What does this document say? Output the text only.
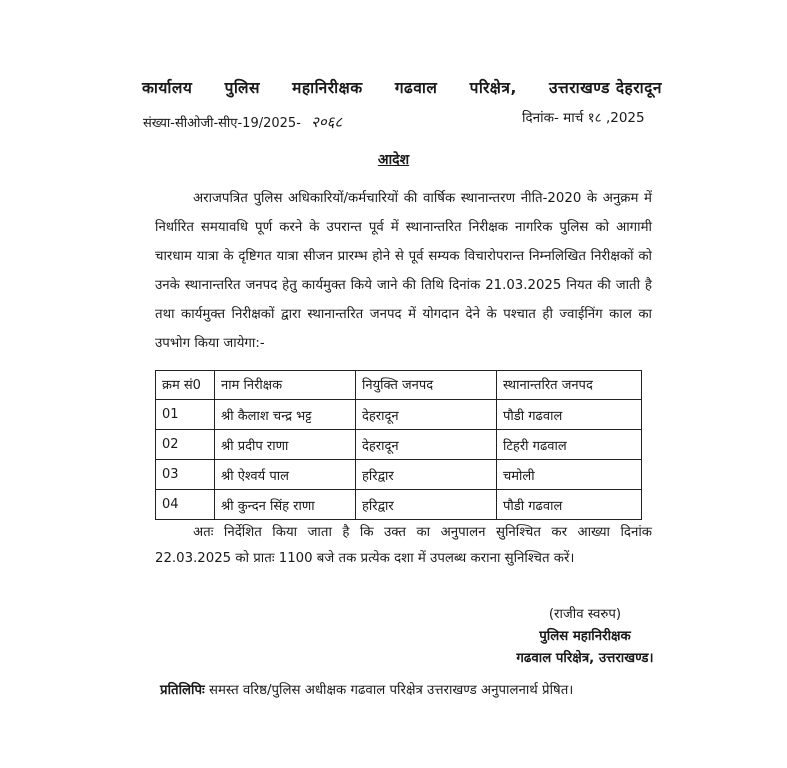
कार्यालय पुलिस महानिरीक्षक गढवाल परिक्षेत्र, उत्तराखण्ड देहरादून
संख्या-सीओजी-सीए-19/2025- २०६८	दिनांक- मार्च १८ ,2025
आदेश
अराजपत्रित पुलिस अधिकारियों/कर्मचारियों की वार्षिक स्थानान्तरण नीति-2020 के अनुक्रम में निर्धारित समयावधि पूर्ण करने के उपरान्त पूर्व में स्थानान्तरित निरीक्षक नागरिक पुलिस को आगामी चारधाम यात्रा के दृष्टिगत यात्रा सीजन प्रारम्भ होने से पूर्व सम्यक विचारोपरान्त निम्नलिखित निरीक्षकों को उनके स्थानान्तरित जनपद हेतु कार्यमुक्त किये जाने की तिथि दिनांक 21.03.2025 नियत की जाती है तथा कार्यमुक्त निरीक्षकों द्वारा स्थानान्तरित जनपद में योगदान देने के पश्चात ही ज्वाईनिंग काल का उपभोग किया जायेगा:-
क्रम सं0	नाम निरीक्षक	नियुक्ति जनपद	स्थानान्तरित जनपद
01	श्री कैलाश चन्द्र भट्ट	देहरादून	पौडी गढवाल
02	श्री प्रदीप राणा	देहरादून	टिहरी गढवाल
03	श्री ऐश्वर्य पाल	हरिद्वार	चमोली
04	श्री कुन्दन सिंह राणा	हरिद्वार	पौडी गढवाल
अतः निर्देशित किया जाता है कि उक्त का अनुपालन सुनिश्चित कर आख्या दिनांक 22.03.2025 को प्रातः 1100 बजे तक प्रत्येक दशा में उपलब्ध कराना सुनिश्चित करें।
(राजीव स्वरुप)
पुलिस महानिरीक्षक
गढवाल परिक्षेत्र, उत्तराखण्ड।
प्रतिलिपिः समस्त वरिष्ठ/पुलिस अधीक्षक गढवाल परिक्षेत्र उत्तराखण्ड अनुपालनार्थ प्रेषित।
